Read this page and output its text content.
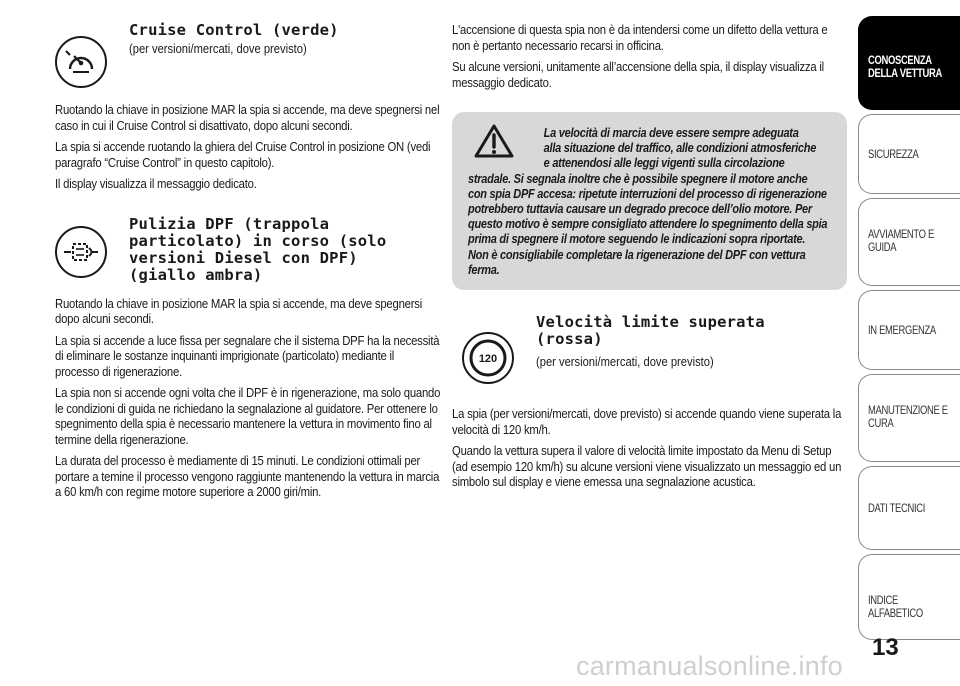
Cruise Control (verde)
(per versioni/mercati, dove previsto)

Ruotando la chiave in posizione MAR la spia si accende, ma deve spegnersi nel caso in cui il Cruise Control si disattivato, dopo alcuni secondi.

La spia si accende ruotando la ghiera del Cruise Control in posizione ON (vedi paragrafo “Cruise Control” in questo capitolo).

Il display visualizza il messaggio dedicato.

Pulizia DPF (trappola
particolato) in corso (solo
versioni Diesel con DPF)
(giallo ambra)

Ruotando la chiave in posizione MAR la spia si accende, ma deve spegnersi dopo alcuni secondi.

La spia si accende a luce fissa per segnalare che il sistema DPF ha la necessità di eliminare le sostanze inquinanti imprigionate (particolato) mediante il processo di rigenerazione.

La spia non si accende ogni volta che il DPF è in rigenerazione, ma solo quando le condizioni di guida ne richiedano la segnalazione al guidatore. Per ottenere lo spegnimento della spia è necessario mantenere la vettura in movimento fino al termine della rigenerazione.

La durata del processo è mediamente di 15 minuti. Le condizioni ottimali per portare a temine il processo vengono raggiunte mantenendo la vettura in marcia a 60 km/h con regime motore superiore a 2000 giri/min.

L'accensione di questa spia non è da intendersi come un difetto della vettura e non è pertanto necessario recarsi in officina.

Su alcune versioni, unitamente all’accensione della spia, il display visualizza il messaggio dedicato.

La velocità di marcia deve essere sempre adeguata
alla situazione del traffico, alle condizioni atmosferiche
e attenendosi alle leggi vigenti sulla circolazione
stradale. Si segnala inoltre che è possibile spegnere il motore anche con spia DPF accesa: ripetute interruzioni del processo di rigenerazione potrebbero tuttavia causare un degrado precoce dell’olio motore. Per questo motivo è sempre consigliato attendere lo spegnimento della spia prima di spegnere il motore seguendo le indicazioni sopra riportate. Non è consigliabile completare la rigenerazione del DPF con vettura ferma.
120
Velocità limite superata
(rossa)
(per versioni/mercati, dove previsto)

La spia (per versioni/mercati, dove previsto) si accende quando viene superata la velocità di 120 km/h.

Quando la vettura supera il valore di velocità limite impostato da Menu di Setup (ad esempio 120 km/h) su alcune versioni viene visualizzato un messaggio ed un simbolo sul display e viene emessa una segnalazione acustica.

CONOSCENZA
DELLA VETTURA
SICUREZZA
AVVIAMENTO E
GUIDA
IN EMERGENZA
MANUTENZIONE E
CURA
DATI TECNICI
INDICE ALFABETICO
13
carmanualsonline.info
